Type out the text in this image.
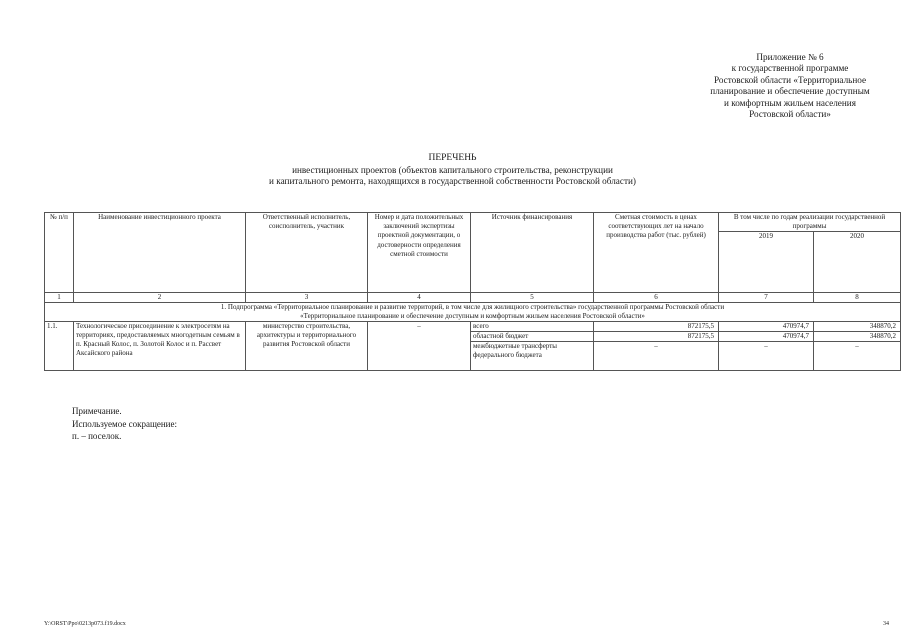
Приложение № 6
к государственной программе
Ростовской области «Территориальное
планирование и обеспечение доступным
и комфортным жильем населения
Ростовской области»
ПЕРЕЧЕНЬ
инвестиционных проектов (объектов капитального строительства, реконструкции
и капитального ремонта, находящихся в государственной собственности Ростовской области)
№ п/п	Наименование инвестиционного проекта	Ответственный исполнитель, соисполнитель, участник	Номер и дата положительных заключений экспертизы проектной документации, о достоверности определения сметной стоимости	Источник финансирования	Сметная стоимость в ценах соответствующих лет на начало производства работ (тыс. рублей)	В том числе по годам реализации государственной программы	
						2019	2020
1	2	3	4	5	6	7	8

1. Подпрограмма «Территориальное планирование и развитие территорий, в том числе для жилищного строительства» государственной программы Ростовской области
«Территориальное планирование и обеспечение доступным и комфортным жильем населения Ростовской области»							

1.1.	Технологическое присоединение к электросетям на территориях, предоставляемых многодетным семьям в п. Красный Колос, п. Золотой Колос и п. Рассвет Аксайского района	министерство строительства, архитектуры и территориального развития Ростовской области	–	всего	872175,5	470974,7	348870,2
				областной бюджет	872175,5	470974,7	348870,2
				межбюджетные трансферты федерального бюджета	–	–	–
Примечание.
Используемое сокращение:
п. – поселок.
Y:\ORST\Ppo\0213p073.f19.docx	34
